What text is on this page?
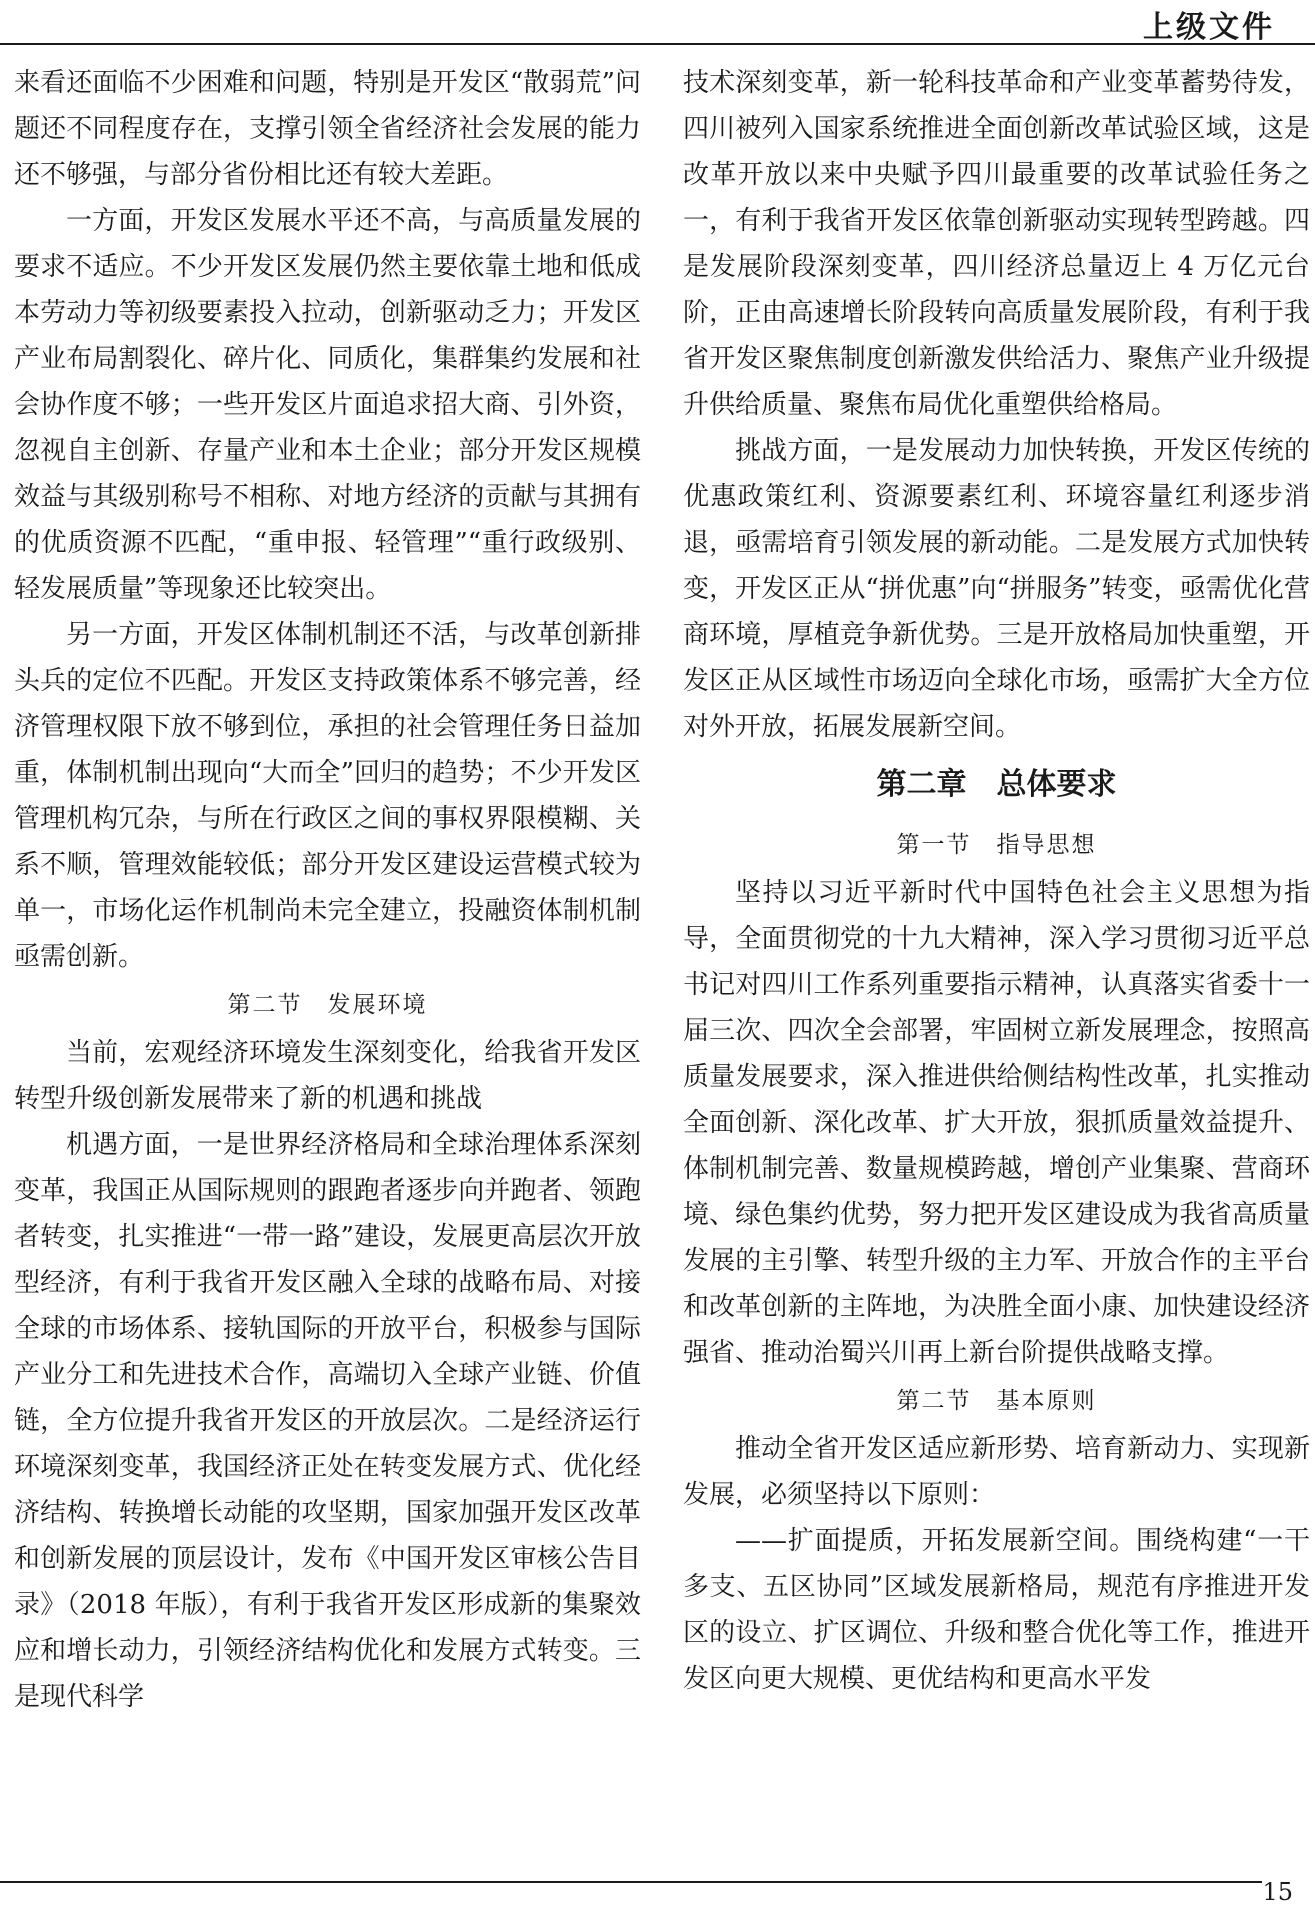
上级文件

来看还面临不少困难和问题，特别是开发区“散弱荒”问题还不同程度存在，支撑引领全省经济社会发展的能力还不够强，与部分省份相比还有较大差距。

一方面，开发区发展水平还不高，与高质量发展的要求不适应。不少开发区发展仍然主要依靠土地和低成本劳动力等初级要素投入拉动，创新驱动乏力；开发区产业布局割裂化、碎片化、同质化，集群集约发展和社会协作度不够；一些开发区片面追求招大商、引外资，忽视自主创新、存量产业和本土企业；部分开发区规模效益与其级别称号不相称、对地方经济的贡献与其拥有的优质资源不匹配，“重申报、轻管理”“重行政级别、轻发展质量”等现象还比较突出。

另一方面，开发区体制机制还不活，与改革创新排头兵的定位不匹配。开发区支持政策体系不够完善，经济管理权限下放不够到位，承担的社会管理任务日益加重，体制机制出现向“大而全”回归的趋势；不少开发区管理机构冗杂，与所在行政区之间的事权界限模糊、关系不顺，管理效能较低；部分开发区建设运营模式较为单一，市场化运作机制尚未完全建立，投融资体制机制亟需创新。

第二节　发展环境

当前，宏观经济环境发生深刻变化，给我省开发区转型升级创新发展带来了新的机遇和挑战

机遇方面，一是世界经济格局和全球治理体系深刻变革，我国正从国际规则的跟跑者逐步向并跑者、领跑者转变，扎实推进“一带一路”建设，发展更高层次开放型经济，有利于我省开发区融入全球的战略布局、对接全球的市场体系、接轨国际的开放平台，积极参与国际产业分工和先进技术合作，高端切入全球产业链、价值链，全方位提升我省开发区的开放层次。二是经济运行环境深刻变革，我国经济正处在转变发展方式、优化经济结构、转换增长动能的攻坚期，国家加强开发区改革和创新发展的顶层设计，发布《中国开发区审核公告目录》（2018 年版），有利于我省开发区形成新的集聚效应和增长动力，引领经济结构优化和发展方式转变。三是现代科学

技术深刻变革，新一轮科技革命和产业变革蓄势待发，四川被列入国家系统推进全面创新改革试验区域，这是改革开放以来中央赋予四川最重要的改革试验任务之一，有利于我省开发区依靠创新驱动实现转型跨越。四是发展阶段深刻变革，四川经济总量迈上 4 万亿元台阶，正由高速增长阶段转向高质量发展阶段，有利于我省开发区聚焦制度创新激发供给活力、聚焦产业升级提升供给质量、聚焦布局优化重塑供给格局。

挑战方面，一是发展动力加快转换，开发区传统的优惠政策红利、资源要素红利、环境容量红利逐步消退，亟需培育引领发展的新动能。二是发展方式加快转变，开发区正从“拼优惠”向“拼服务”转变，亟需优化营商环境，厚植竞争新优势。三是开放格局加快重塑，开发区正从区域性市场迈向全球化市场，亟需扩大全方位对外开放，拓展发展新空间。

第二章　总体要求
第一节　指导思想

坚持以习近平新时代中国特色社会主义思想为指导，全面贯彻党的十九大精神，深入学习贯彻习近平总书记对四川工作系列重要指示精神，认真落实省委十一届三次、四次全会部署，牢固树立新发展理念，按照高质量发展要求，深入推进供给侧结构性改革，扎实推动全面创新、深化改革、扩大开放，狠抓质量效益提升、体制机制完善、数量规模跨越，增创产业集聚、营商环境、绿色集约优势，努力把开发区建设成为我省高质量发展的主引擎、转型升级的主力军、开放合作的主平台和改革创新的主阵地，为决胜全面小康、加快建设经济强省、推动治蜀兴川再上新台阶提供战略支撑。

第二节　基本原则

推动全省开发区适应新形势、培育新动力、实现新发展，必须坚持以下原则：

——扩面提质，开拓发展新空间。围绕构建“一干多支、五区协同”区域发展新格局，规范有序推进开发区的设立、扩区调位、升级和整合优化等工作，推进开发区向更大规模、更优结构和更高水平发

15
